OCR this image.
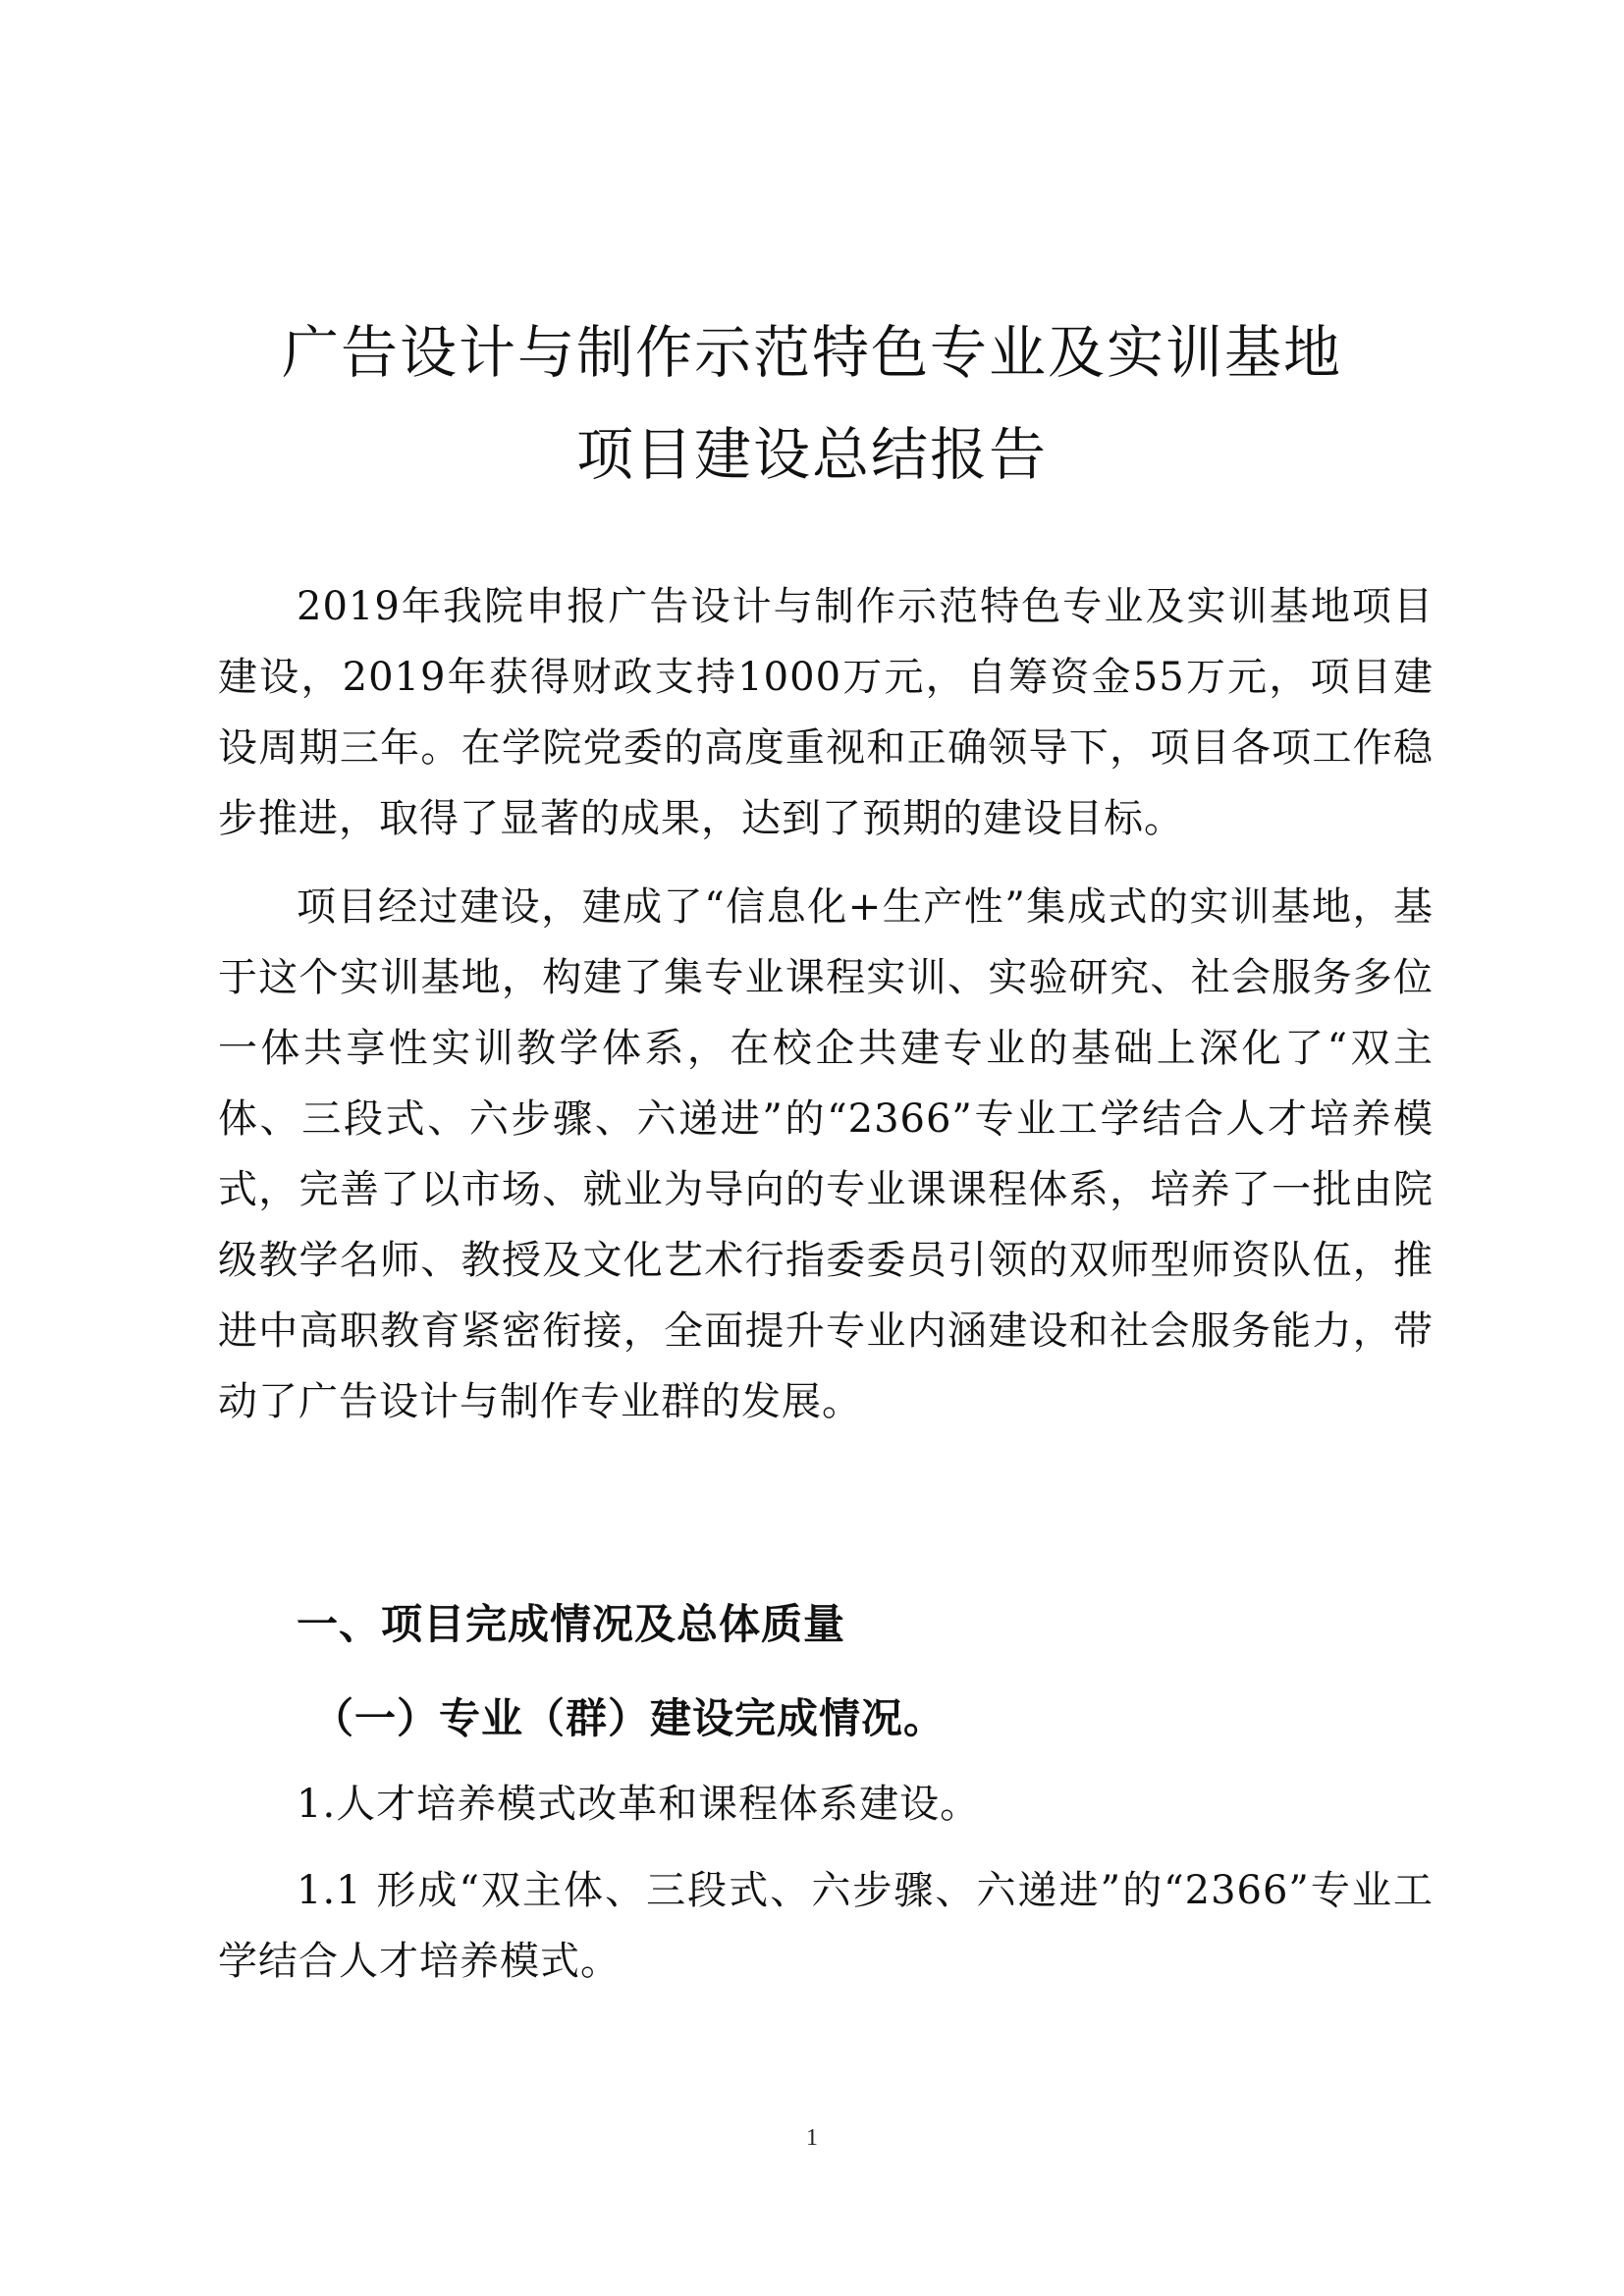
广告设计与制作示范特色专业及实训基地
项目建设总结报告

2019年我院申报广告设计与制作示范特色专业及实训基地项目建设，2019年获得财政支持1000万元，自筹资金55万元，项目建设周期三年。在学院党委的高度重视和正确领导下，项目各项工作稳步推进，取得了显著的成果，达到了预期的建设目标。

项目经过建设，建成了“信息化+生产性”集成式的实训基地，基于这个实训基地，构建了集专业课程实训、实验研究、社会服务多位一体共享性实训教学体系，在校企共建专业的基础上深化了“双主体、三段式、六步骤、六递进”的“2366”专业工学结合人才培养模式，完善了以市场、就业为导向的专业课课程体系，培养了一批由院级教学名师、教授及文化艺术行指委委员引领的双师型师资队伍，推进中高职教育紧密衔接，全面提升专业内涵建设和社会服务能力，带动了广告设计与制作专业群的发展。

一、项目完成情况及总体质量
（一）专业（群）建设完成情况。

1.人才培养模式改革和课程体系建设。

1.1 形成“双主体、三段式、六步骤、六递进”的“2366”专业工学结合人才培养模式。

1
